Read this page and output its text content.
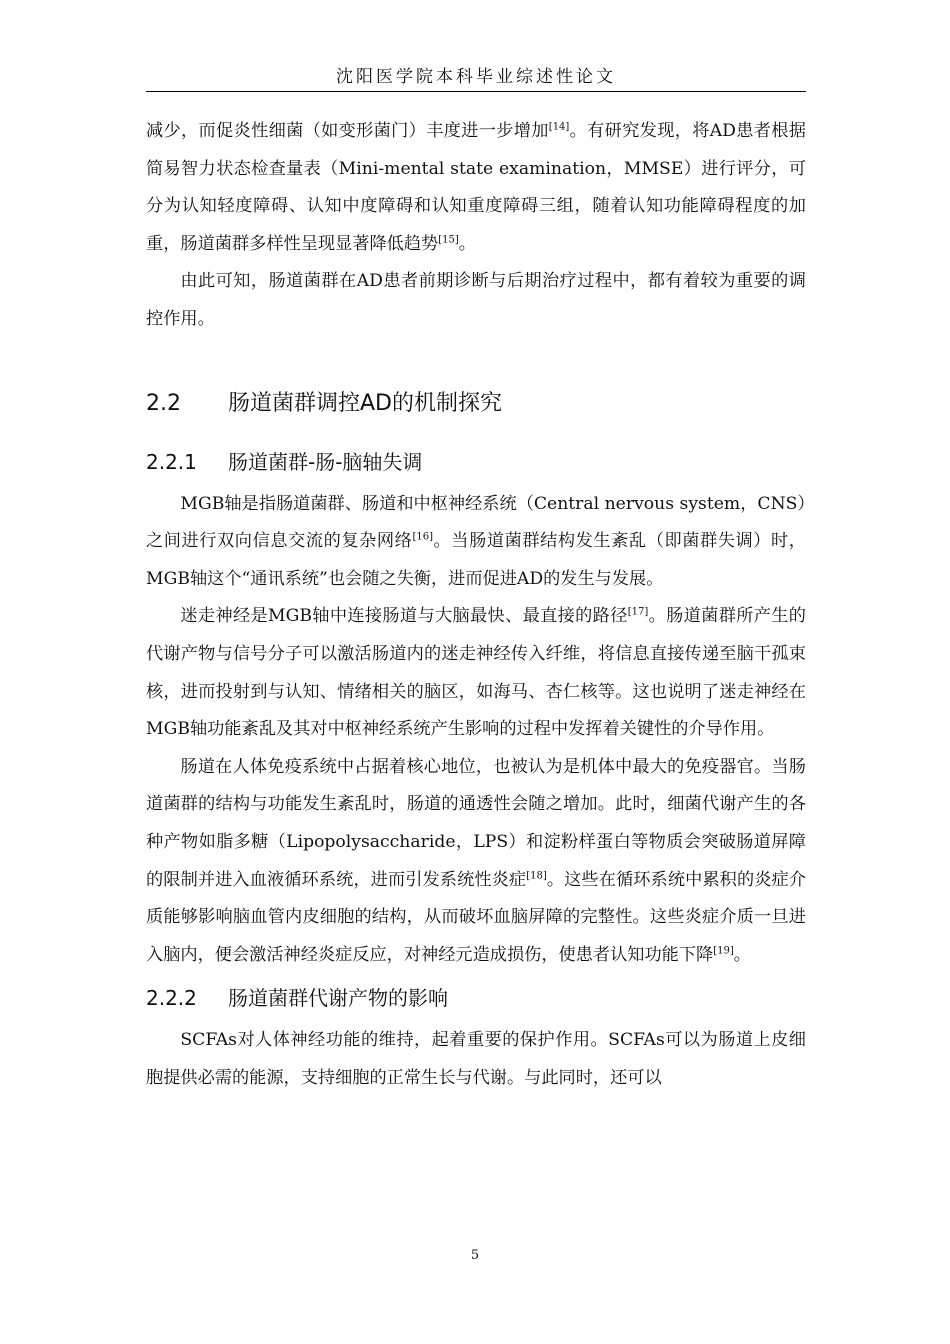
沈阳医学院本科毕业综述性论文

减少，而促炎性细菌（如变形菌门）丰度进一步增加[14]。有研究发现，将AD患者根据简易智力状态检查量表（Mini-mental state examination，MMSE）进行评分，可分为认知轻度障碍、认知中度障碍和认知重度障碍三组，随着认知功能障碍程度的加重，肠道菌群多样性呈现显著降低趋势[15]。

由此可知，肠道菌群在AD患者前期诊断与后期治疗过程中，都有着较为重要的调控作用。

2.2 肠道菌群调控AD的机制探究
2.2.1 肠道菌群-肠-脑轴失调

MGB轴是指肠道菌群、肠道和中枢神经系统（Central nervous system，CNS）之间进行双向信息交流的复杂网络[16]。当肠道菌群结构发生紊乱（即菌群失调）时，MGB轴这个“通讯系统”也会随之失衡，进而促进AD的发生与发展。

迷走神经是MGB轴中连接肠道与大脑最快、最直接的路径[17]。肠道菌群所产生的代谢产物与信号分子可以激活肠道内的迷走神经传入纤维，将信息直接传递至脑干孤束核，进而投射到与认知、情绪相关的脑区，如海马、杏仁核等。这也说明了迷走神经在MGB轴功能紊乱及其对中枢神经系统产生影响的过程中发挥着关键性的介导作用。

肠道在人体免疫系统中占据着核心地位，也被认为是机体中最大的免疫器官。当肠道菌群的结构与功能发生紊乱时，肠道的通透性会随之增加。此时，细菌代谢产生的各种产物如脂多糖（Lipopolysaccharide，LPS）和淀粉样蛋白等物质会突破肠道屏障的限制并进入血液循环系统，进而引发系统性炎症[18]。这些在循环系统中累积的炎症介质能够影响脑血管内皮细胞的结构，从而破坏血脑屏障的完整性。这些炎症介质一旦进入脑内，便会激活神经炎症反应，对神经元造成损伤，使患者认知功能下降[19]。

2.2.2 肠道菌群代谢产物的影响

SCFAs对人体神经功能的维持，起着重要的保护作用。SCFAs可以为肠道上皮细胞提供必需的能源，支持细胞的正常生长与代谢。与此同时，还可以

5
